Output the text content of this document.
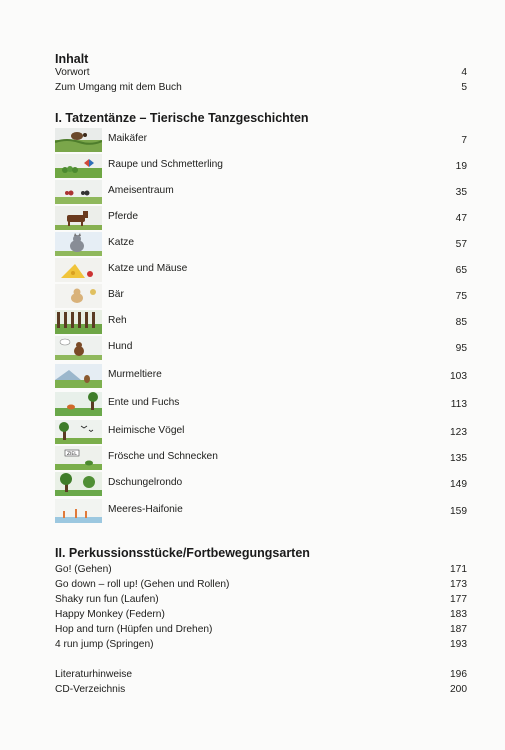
Inhalt
Vorwort	4
Zum Umgang mit dem Buch	5
I. Tatzentänze – Tierische Tanzgeschichten
Maikäfer	7
Raupe und Schmetterling	19
Ameisentraum	35
Pferde	47
Katze	57
Katze und Mäuse	65
Bär	75
Reh	85
Hund	95
Murmeltiere	103
Ente und Fuchs	113
Heimische Vögel	123
ZIEL	Frösche und Schnecken	135
Dschungelrondo	149
Meeres-Haifonie	159
II. Perkussionsstücke/Fortbewegungsarten
Go! (Gehen)	171
Go down – roll up! (Gehen und Rollen)	173
Shaky run fun (Laufen)	177
Happy Monkey (Federn)	183
Hop and turn (Hüpfen und Drehen)	187
4 run jump (Springen)	193
Literaturhinweise	196
CD-Verzeichnis	200
